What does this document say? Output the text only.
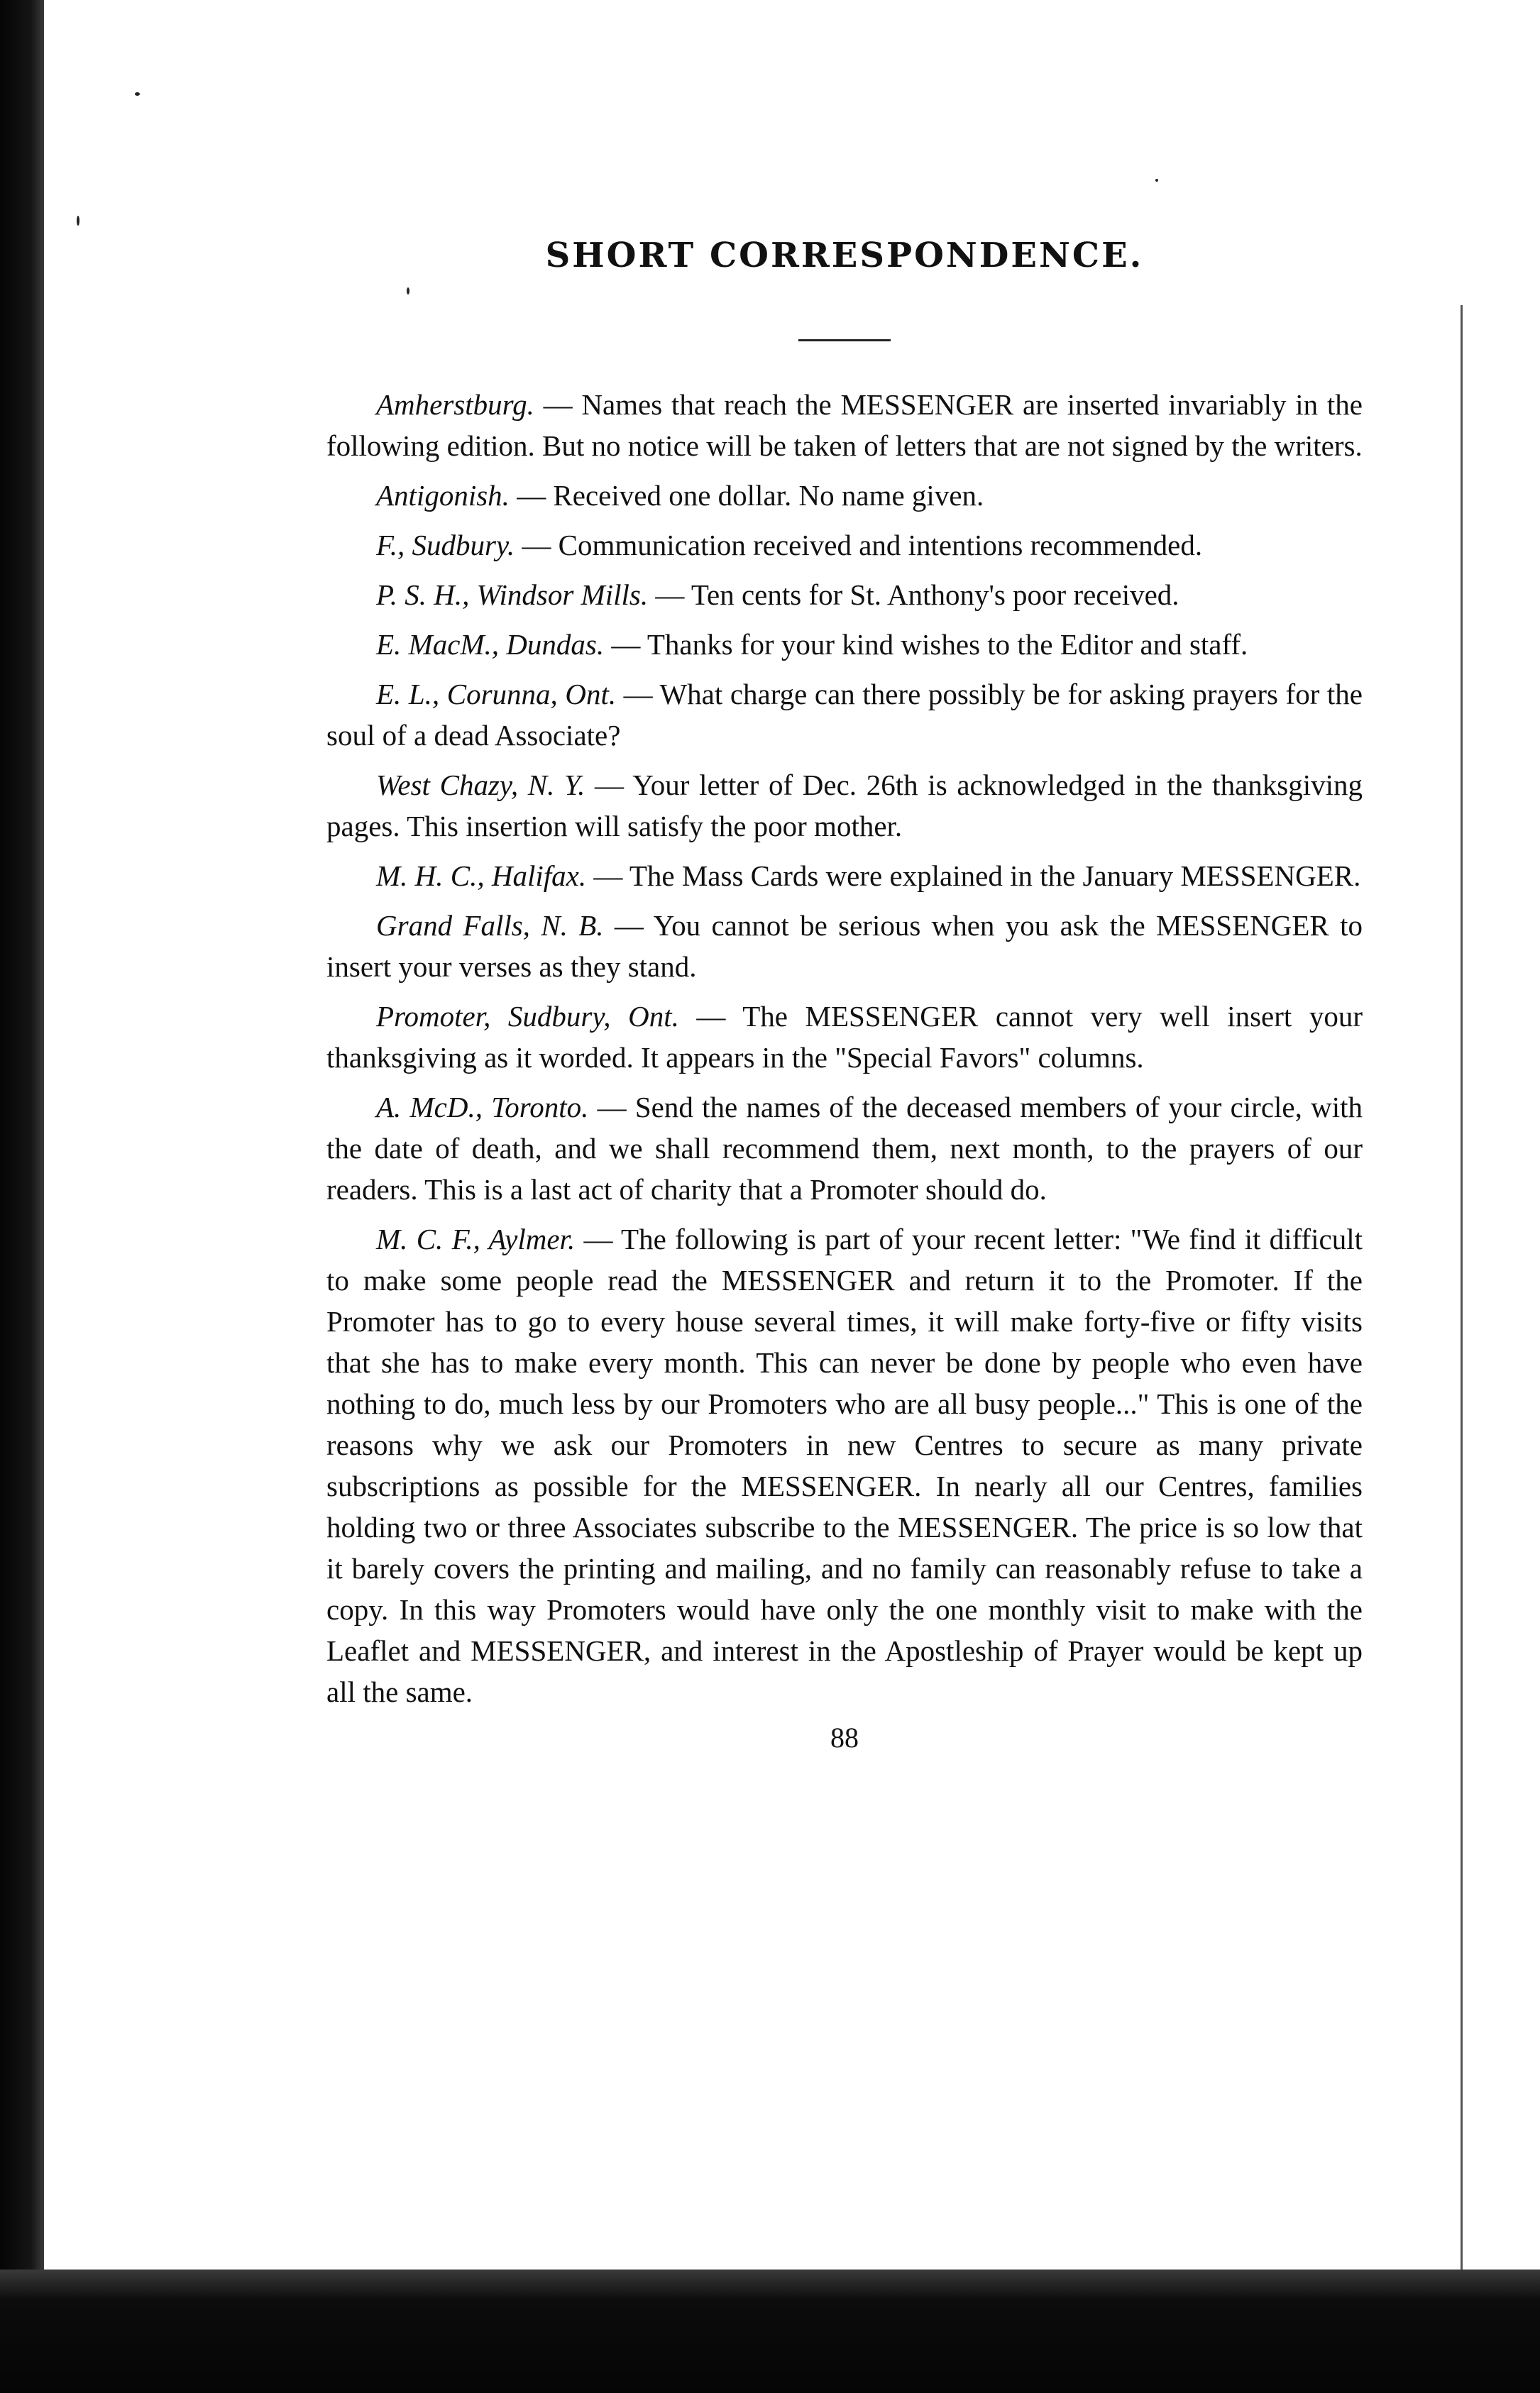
SHORT CORRESPONDENCE.

Amherstburg. — Names that reach the MESSENGER are inserted invariably in the following edition. But no notice will be taken of letters that are not signed by the writers.

Antigonish. — Received one dollar. No name given.

F., Sudbury. — Communication received and intentions recommended.

P. S. H., Windsor Mills. — Ten cents for St. Anthony's poor received.

E. MacM., Dundas. — Thanks for your kind wishes to the Editor and staff.

E. L., Corunna, Ont. — What charge can there possibly be for asking prayers for the soul of a dead Associate?

West Chazy, N. Y. — Your letter of Dec. 26th is acknowledged in the thanksgiving pages. This insertion will satisfy the poor mother.

M. H. C., Halifax. — The Mass Cards were explained in the January MESSENGER.

Grand Falls, N. B. — You cannot be serious when you ask the MESSENGER to insert your verses as they stand.

Promoter, Sudbury, Ont. — The MESSENGER cannot very well insert your thanksgiving as it worded. It appears in the "Special Favors" columns.

A. McD., Toronto. — Send the names of the deceased members of your circle, with the date of death, and we shall recommend them, next month, to the prayers of our readers. This is a last act of charity that a Promoter should do.

M. C. F., Aylmer. — The following is part of your recent letter: "We find it difficult to make some people read the MESSENGER and return it to the Promoter. If the Promoter has to go to every house several times, it will make forty-five or fifty visits that she has to make every month. This can never be done by people who even have nothing to do, much less by our Promoters who are all busy people..." This is one of the reasons why we ask our Promoters in new Centres to secure as many private subscriptions as possible for the MESSENGER. In nearly all our Centres, families holding two or three Associates subscribe to the MESSENGER. The price is so low that it barely covers the printing and mailing, and no family can reasonably refuse to take a copy. In this way Promoters would have only the one monthly visit to make with the Leaflet and MESSENGER, and interest in the Apostleship of Prayer would be kept up all the same.

88
